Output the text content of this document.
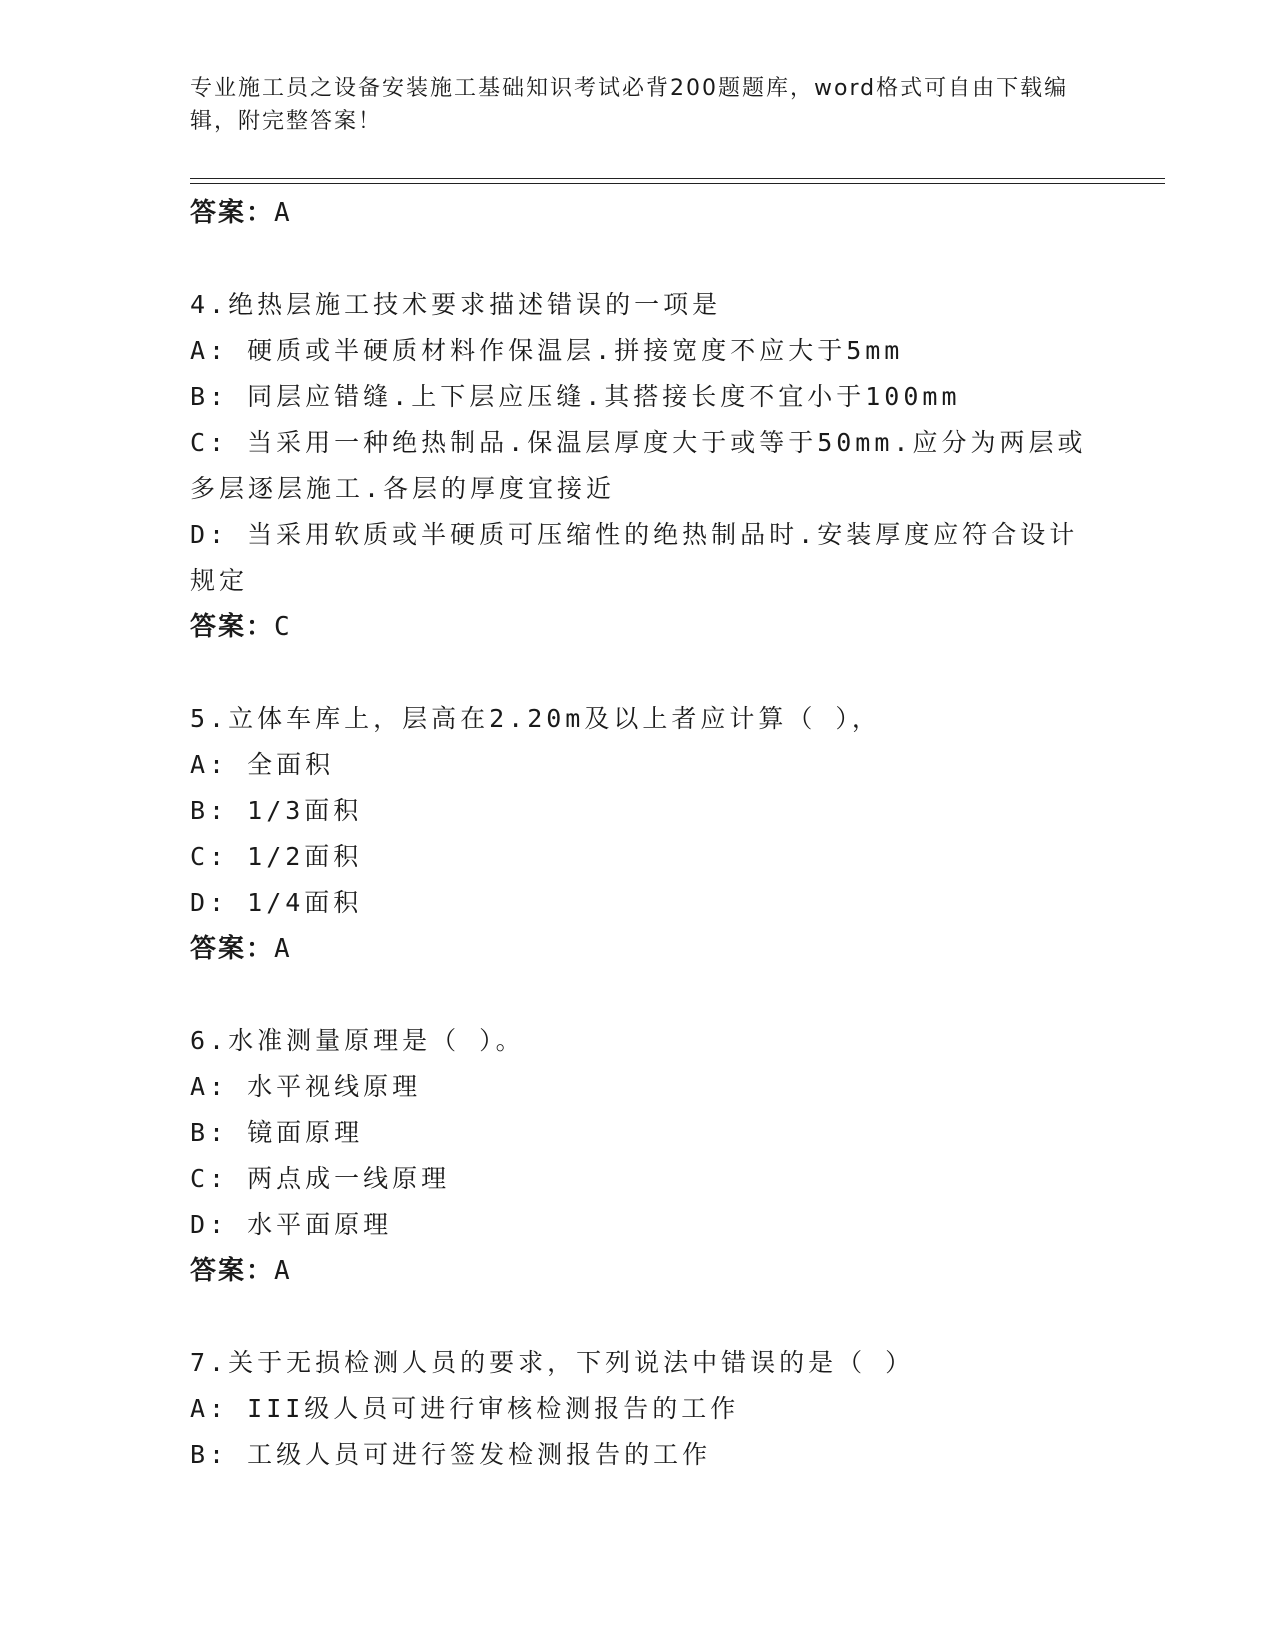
专业施工员之设备安装施工基础知识考试必背200题题库，word格式可自由下载编辑，附完整答案！
答案：A
4.绝热层施工技术要求描述错误的一项是
A: 硬质或半硬质材料作保温层.拼接宽度不应大于5mm
B: 同层应错缝.上下层应压缝.其搭接长度不宜小于100mm
C: 当采用一种绝热制品.保温层厚度大于或等于50mm.应分为两层或多层逐层施工.各层的厚度宜接近
D: 当采用软质或半硬质可压缩性的绝热制品时.安装厚度应符合设计规定
答案：C
5.立体车库上，层高在2.20m及以上者应计算（ ），
A: 全面积
B: 1/3面积
C: 1/2面积
D: 1/4面积
答案：A
6.水准测量原理是（ ）。
A: 水平视线原理
B: 镜面原理
C: 两点成一线原理
D: 水平面原理
答案：A
7.关于无损检测人员的要求，下列说法中错误的是（ ）
A: III级人员可进行审核检测报告的工作
B: 工级人员可进行签发检测报告的工作
